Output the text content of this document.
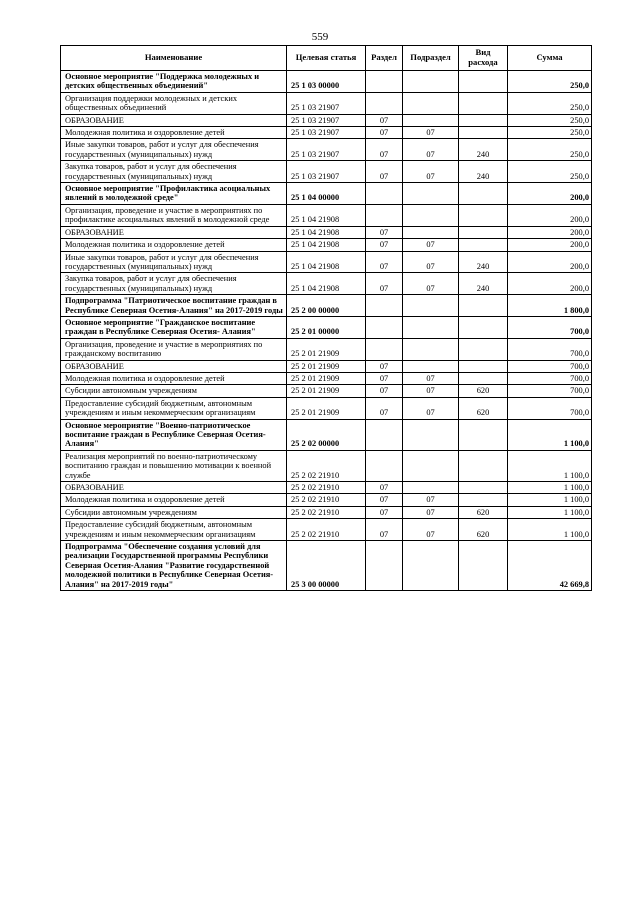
559
Наименование	Целевая статья	Раздел	Подраздел	Вид расхода	Сумма
Основное мероприятие "Поддержка молодежных и детских общественных объединений"	25 1 03 00000				250,0
Организация поддержки молодежных и детских общественных объединений	25 1 03 21907				250,0
ОБРАЗОВАНИЕ	25 1 03 21907	07			250,0
Молодежная политика и оздоровление детей	25 1 03 21907	07	07		250,0
Иные закупки товаров, работ и услуг для обеспечения государственных (муниципальных) нужд	25 1 03 21907	07	07	240	250,0
Закупка товаров, работ и услуг для обеспечения государственных (муниципальных) нужд	25 1 03 21907	07	07	240	250,0
Основное мероприятие "Профилактика асоциальных явлений в молодежной среде"	25 1 04 00000				200,0
Организация, проведение и участие в мероприятиях по профилактике асоциальных явлений в молодежной среде	25 1 04 21908				200,0
ОБРАЗОВАНИЕ	25 1 04 21908	07			200,0
Молодежная политика и оздоровление детей	25 1 04 21908	07	07		200,0
Иные закупки товаров, работ и услуг для обеспечения государственных (муниципальных) нужд	25 1 04 21908	07	07	240	200,0
Закупка товаров, работ и услуг для обеспечения государственных (муниципальных) нужд	25 1 04 21908	07	07	240	200,0
Подпрограмма "Патриотическое воспитание граждан в Республике Северная Осетия-Алания" на 2017-2019 годы	25 2 00 00000				1 800,0
Основное мероприятие "Гражданское воспитание граждан в Республике Северная Осетия- Алания"	25 2 01 00000				700,0
Организация, проведение и участие в мероприятиях по гражданскому воспитанию	25 2 01 21909				700,0
ОБРАЗОВАНИЕ	25 2 01 21909	07			700,0
Молодежная политика и оздоровление детей	25 2 01 21909	07	07		700,0
Субсидии автономным учреждениям	25 2 01 21909	07	07	620	700,0
Предоставление субсидий бюджетным, автономным учреждениям и иным некоммерческим организациям	25 2 01 21909	07	07	620	700,0
Основное мероприятие "Военно-патриотическое воспитание граждан в Республике Северная Осетия- Алания"	25 2 02 00000				1 100,0
Реализация мероприятий по военно-патриотическому воспитанию граждан и повышению мотивации к военной службе	25 2 02 21910				1 100,0
ОБРАЗОВАНИЕ	25 2 02 21910	07			1 100,0
Молодежная политика и оздоровление детей	25 2 02 21910	07	07		1 100,0
Субсидии автономным учреждениям	25 2 02 21910	07	07	620	1 100,0
Предоставление субсидий бюджетным, автономным учреждениям и иным некоммерческим организациям	25 2 02 21910	07	07	620	1 100,0
Подпрограмма "Обеспечение создания условий для реализации Государственной программы Республики Северная Осетия-Алания "Развитие государственной молодежной политики в Республике Северная Осетия-Алания" на 2017-2019 годы"	25 3 00 00000				42 669,8
